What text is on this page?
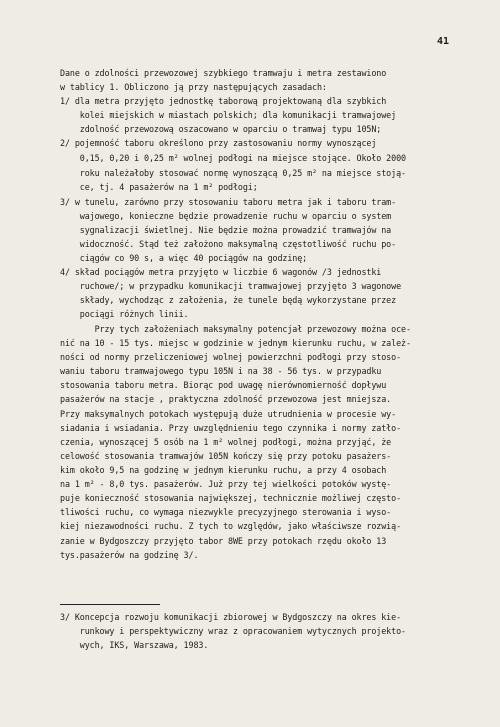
41
Dane o zdolności przewozowej szybkiego tramwaju i metra zestawiono
w tablicy 1. Obliczono ją przy następujących zasadach:
1/ dla metra przyjęto jednostkę taborową projektowaną dla szybkich
kolei miejskich w miastach polskich; dla komunikacji tramwajowej
zdolność przewozową oszacowano w oparciu o tramwaj typu 105N;
2/ pojemność taboru określono przy zastosowaniu normy wynoszącej
0,15, 0,20 i 0,25 m² wolnej podłogi na miejsce stojące. Około 2000
roku należałoby stosować normę wynoszącą 0,25 m² na miejsce stoją-
ce, tj. 4 pasażerów na 1 m² podłogi;
3/ w tunelu, zarówno przy stosowaniu taboru metra jak i taboru tram-
wajowego, konieczne będzie prowadzenie ruchu w oparciu o system
sygnalizacji świetlnej. Nie będzie można prowadzić tramwajów na
widoczność. Stąd też założono maksymalną częstotliwość ruchu po-
ciągów co 90 s, a więc 40 pociągów na godzinę;
4/ skład pociągów metra przyjęto w liczbie 6 wagonów /3 jednostki
ruchowe/; w przypadku komunikacji tramwajowej przyjęto 3 wagonowe
składy, wychodząc z założenia, że tunele będą wykorzystane przez
pociągi różnych linii.
Przy tych założeniach maksymalny potencjał przewozowy można oce-
nić na 10 - 15 tys. miejsc w godzinie w jednym kierunku ruchu, w zależ-
ności od normy przeliczeniowej wolnej powierzchni podłogi przy stoso-
waniu taboru tramwajowego typu 105N i na 38 - 56 tys. w przypadku
stosowania taboru metra. Biorąc pod uwagę nierównomierność dopływu
pasażerów na stacje , praktyczna zdolność przewozowa jest mniejsza.
Przy maksymalnych potokach występują duże utrudnienia w procesie wy-
siadania i wsiadania. Przy uwzględnieniu tego czynnika i normy zatło-
czenia, wynoszącej 5 osób na 1 m² wolnej podłogi, można przyjąć, że
celowość stosowania tramwajów 105N kończy się przy potoku pasażers-
kim około 9,5 na godzinę w jednym kierunku ruchu, a przy 4 osobach
na 1 m² - 8,0 tys. pasażerów. Już przy tej wielkości potoków wystę-
puje konieczność stosowania największej, technicznie możliwej często-
tliwości ruchu, co wymaga niezwykle precyzyjnego sterowania i wyso-
kiej niezawodności ruchu. Z tych to względów, jako właściwsze rozwią-
zanie w Bydgoszczy przyjęto tabor 8WE przy potokach rzędu około 13
tys.pasażerów na godzinę 3/.
3/ Koncepcja rozwoju komunikacji zbiorowej w Bydgoszczy na okres kie-
runkowy i perspektywiczny wraz z opracowaniem wytycznych projekto-
wych, IKS, Warszawa, 1983.
